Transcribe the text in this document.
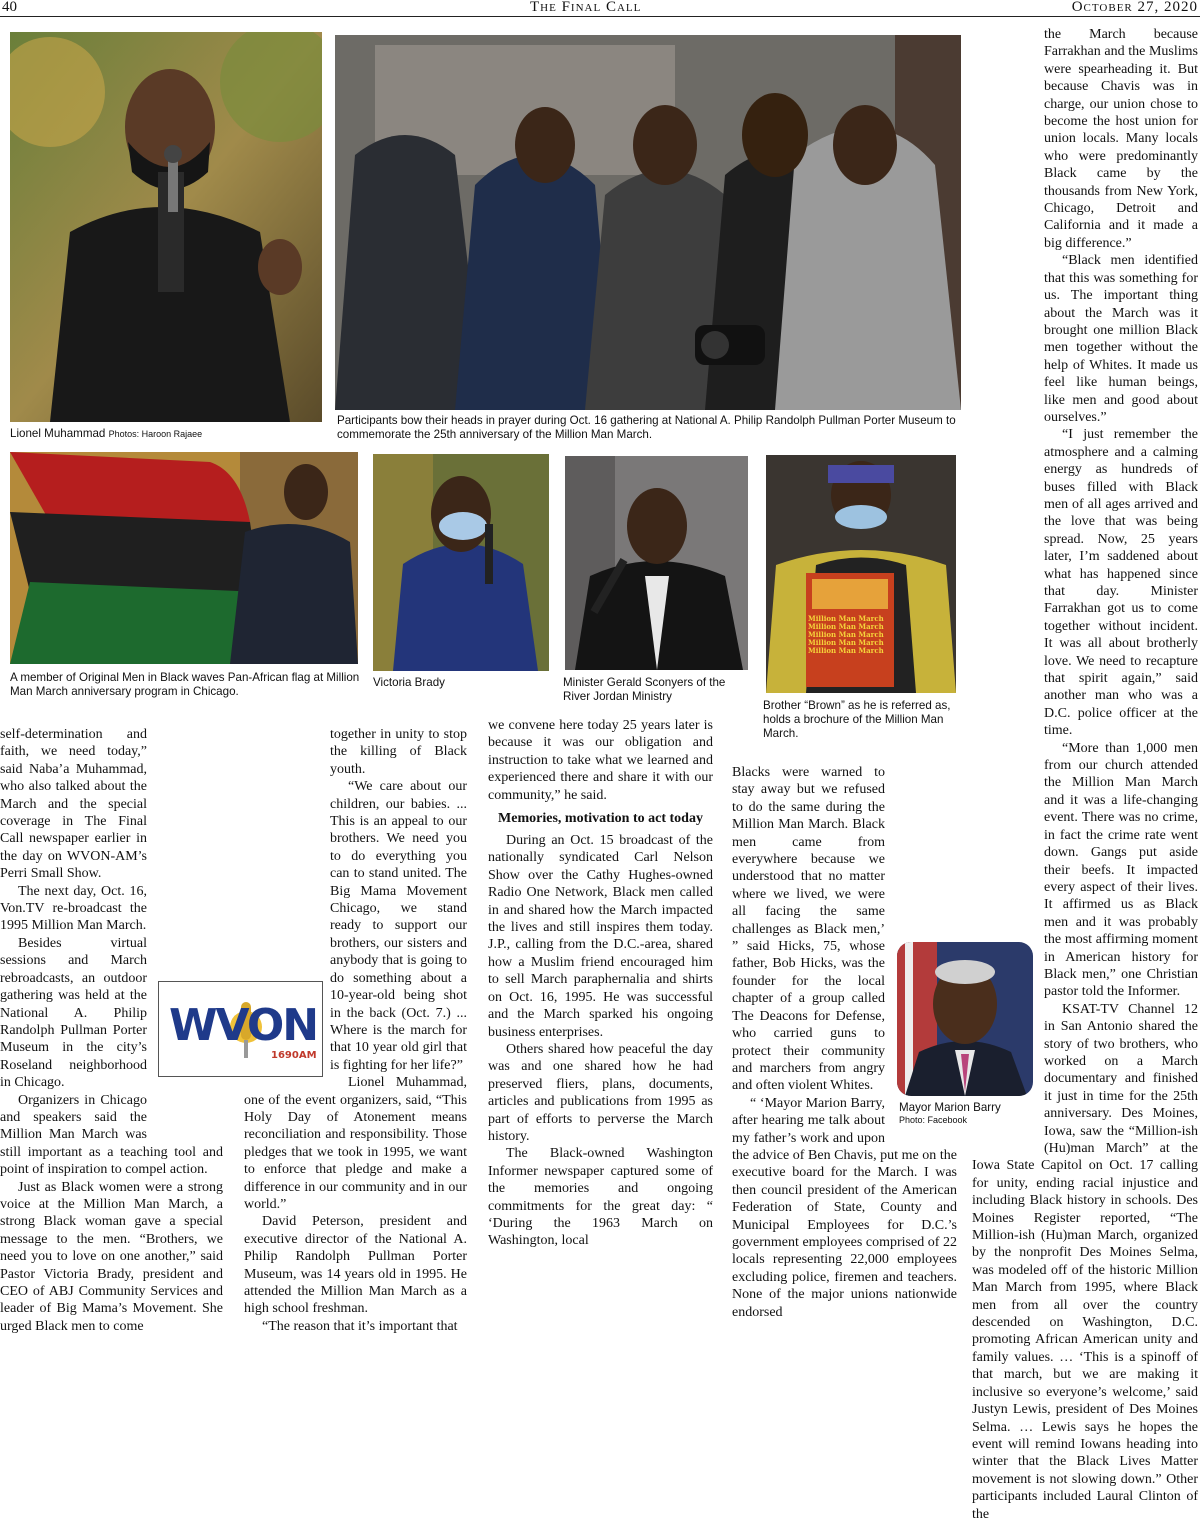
40	The Final Call	October 27, 2020
Lionel Muhammad Photos: Haroon Rajaee
Participants bow their heads in prayer during Oct. 16 gathering at National A. Philip Randolph Pullman Porter Museum to commemorate the 25th anniversary of the Million Man March.
A member of Original Men in Black waves Pan-African flag at Million Man March anniversary program in Chicago.
Victoria Brady	Minister Gerald Sconyers of the River Jordan Ministry
Million Man March
Million Man March
Million Man March
Million Man March
Million Man March
Brother “Brown” as he is referred as, holds a brochure of the Million Man March.
WVON
1690AM
Mayor Marion Barry
Photo: Facebook

self-determination and faith, we need today,” said Naba’a Muhammad, who also talked about the March and the special coverage in The Final Call newspaper earlier in the day on WVON-AM’s Perri Small Show.

The next day, Oct. 16, Von.TV re-broadcast the 1995 Million Man March.

Besides virtual sessions and March rebroadcasts, an outdoor gathering was held at the National A. Philip Randolph Pullman Porter Museum in the city’s Roseland neighborhood in Chicago.

Organizers in Chicago and speakers said the Million Man March was still important as a teaching tool and point of inspiration to compel action.

Just as Black women were a strong voice at the Million Man March, a strong Black woman gave a special message to the men. “Brothers, we need you to love on one another,” said Pastor Victoria Brady, president and CEO of ABJ Community Services and leader of Big Mama’s Movement. She urged Black men to come

together in unity to stop the killing of Black youth.

“We care about our children, our babies. ... This is an appeal to our brothers. We need you to do everything you can to stand united. The Big Mama Movement Chicago, we stand ready to support our brothers, our sisters and anybody that is going to do something about a 10-year-old being shot in the back (Oct. 7.) ... Where is the march for that 10 year old girl that is fighting for her life?”

Lionel Muhammad, one of the event organizers, said, “This Holy Day of Atonement means reconciliation and responsibility. Those pledges that we took in 1995, we want to enforce that pledge and make a difference in our community and in our world.”

David Peterson, president and executive director of the National A. Philip Randolph Pullman Porter Museum, was 14 years old in 1995. He attended the Million Man March as a high school freshman.

“The reason that it’s important that

we convene here today 25 years later is because it was our obligation and instruction to take what we learned and experienced there and share it with our community,” he said.

Memories, motivation to act today

During an Oct. 15 broadcast of the nationally syndicated Carl Nelson Show over the Cathy Hughes-owned Radio One Network, Black men called in and shared how the March impacted the lives and still inspires them today. J.P., calling from the D.C.-area, shared how a Muslim friend encouraged him to sell March paraphernalia and shirts on Oct. 16, 1995. He was successful and the March sparked his ongoing business enterprises.

Others shared how peaceful the day was and one shared how he had preserved fliers, plans, documents, articles and publications from 1995 as part of efforts to perverse the March history.

The Black-owned Washington Informer newspaper captured some of the memories and ongoing commitments for the great day: “ ‘During the 1963 March on Washington, local

Blacks were warned to stay away but we refused to do the same during the Million Man March. Black men came from everywhere because we understood that no matter where we lived, we were all facing the same challenges as Black men,’ ” said Hicks, 75, whose father, Bob Hicks, was the founder for the local chapter of a group called The Deacons for Defense, who carried guns to protect their community and marchers from angry and often violent Whites.

“ ‘Mayor Marion Barry, after hearing me talk about my father’s work and upon the advice of Ben Chavis, put me on the executive board for the March. I was then council president of the American Federation of State, County and Municipal Employees for D.C.’s government employees comprised of 22 locals representing 22,000 employees excluding police, firemen and teachers. None of the major unions nationwide endorsed

the March because Farrakhan and the Muslims were spearheading it. But because Chavis was in charge, our union chose to become the host union for union locals. Many locals who were predominantly Black came by the thousands from New York, Chicago, Detroit and California and it made a big difference.”

“Black men identified that this was something for us. The important thing about the March was it brought one million Black men together without the help of Whites. It made us feel like human beings, like men and good about ourselves.”

“I just remember the atmosphere and a calming energy as hundreds of buses filled with Black men of all ages arrived and the love that was being spread. Now, 25 years later, I’m saddened about what has happened since that day. Minister Farrakhan got us to come together without incident. It was all about brotherly love. We need to recapture that spirit again,” said another man who was a D.C. police officer at the time.

“More than 1,000 men from our church attended the Million Man March and it was a life-changing event. There was no crime, in fact the crime rate went down. Gangs put aside their beefs. It impacted every aspect of their lives. It affirmed us as Black men and it was probably the most affirming moment in American history for Black men,” one Christian pastor told the Informer.

KSAT-TV Channel 12 in San Antonio shared the story of two brothers, who worked on a March documentary and finished it just in time for the 25th anniversary. Des Moines, Iowa, saw the “Million-ish (Hu)man March” at the Iowa State Capitol on Oct. 17 calling for unity, ending racial injustice and including Black history in schools. Des Moines Register reported, “The Million-ish (Hu)man March, organized by the nonprofit Des Moines Selma, was modeled off of the historic Million Man March from 1995, where Black men from all over the country descended on Washington, D.C. promoting African American unity and family values. … ‘This is a spinoff of that march, but we are making it inclusive so everyone’s welcome,’ said Justyn Lewis, president of Des Moines Selma. … Lewis says he hopes the event will remind Iowans heading into winter that the Black Lives Matter movement is not slowing down.” Other participants included Laural Clinton of the
